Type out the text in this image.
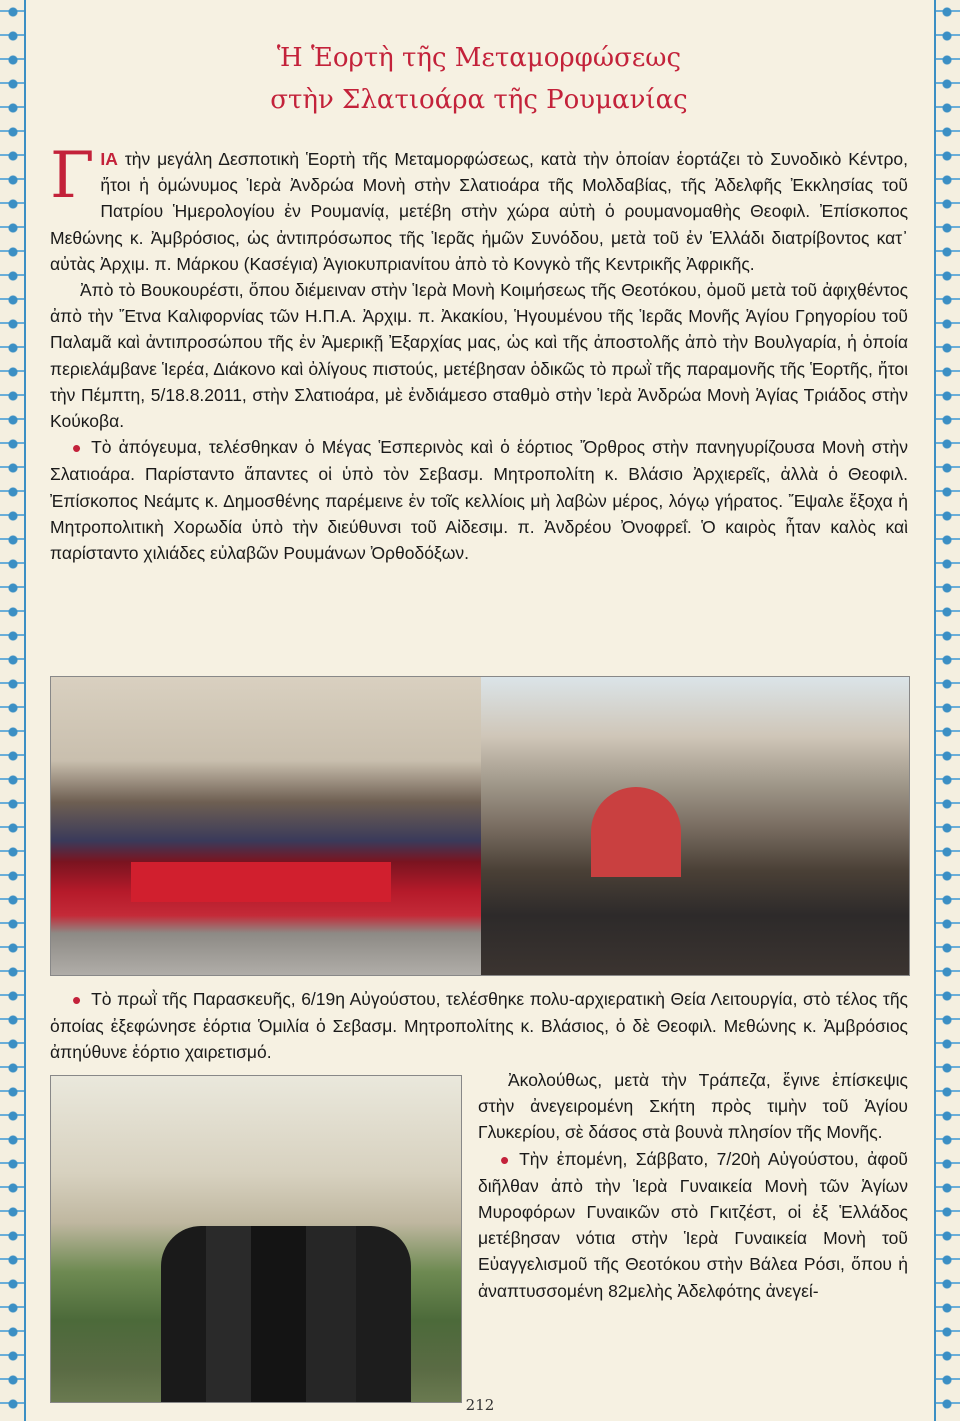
Ἡ Ἑορτὴ τῆς Μεταμορφώσεως
στὴν Σλατιοάρα τῆς Ρουμανίας

ΓΙΑ τὴν μεγάλη Δεσποτικὴ Ἑορτὴ τῆς Μεταμορφώσεως, κατὰ τὴν ὁποίαν ἑορτάζει τὸ Συνοδικὸ Κέντρο, ἤτοι ἡ ὁμώνυμος Ἱερὰ Ἀνδρώα Μονὴ στὴν Σλατιοάρα τῆς Μολδαβίας, τῆς Ἀδελφῆς Ἐκκλησίας τοῦ Πατρίου Ἡμερολογίου ἐν Ρουμανίᾳ, μετέβη στὴν χώρα αὐτὴ ὁ ρουμανομαθὴς Θεοφιλ. Ἐπίσκοπος Μεθώνης κ. Ἀμβρόσιος, ὡς ἀντιπρόσωπος τῆς Ἱερᾶς ἡμῶν Συνόδου, μετὰ τοῦ ἐν Ἑλλάδι διατρίβοντος κατ᾿ αὐτὰς Ἀρχιμ. π. Μάρκου (Κασέγια) Ἁγιοκυπριανίτου ἀπὸ τὸ Κονγκὸ τῆς Κεντρικῆς Ἀφρικῆς.

Ἀπὸ τὸ Βουκουρέστι, ὅπου διέμειναν στὴν Ἱερὰ Μονὴ Κοιμήσεως τῆς Θεοτόκου, ὁμοῦ μετὰ τοῦ ἀφιχθέντος ἀπὸ τὴν Ἔτνα Καλιφορνίας τῶν Η.Π.Α. Ἀρχιμ. π. Ἀκακίου, Ἡγουμένου τῆς Ἱερᾶς Μονῆς Ἁγίου Γρηγορίου τοῦ Παλαμᾶ καὶ ἀντιπροσώπου τῆς ἐν Ἀμερικῇ Ἐξαρχίας μας, ὡς καὶ τῆς ἀποστολῆς ἀπὸ τὴν Βουλγαρία, ἡ ὁποία περιελάμβανε Ἱερέα, Διάκονο καὶ ὀλίγους πιστούς, μετέβησαν ὁδικῶς τὸ πρωῒ τῆς παραμονῆς τῆς Ἑορτῆς, ἤτοι τὴν Πέμπτη, 5/18.8.2011, στὴν Σλατιοάρα, μὲ ἐνδιάμεσο σταθμὸ στὴν Ἱερὰ Ἀνδρώα Μονὴ Ἁγίας Τριάδος στὴν Κούκοβα.

• Τὸ ἀπόγευμα, τελέσθηκαν ὁ Μέγας Ἑσπερινὸς καὶ ὁ ἑόρτιος Ὄρθρος στὴν πανηγυρίζουσα Μονὴ στὴν Σλατιοάρα. Παρίσταντο ἅπαντες οἱ ὑπὸ τὸν Σεβασμ. Μητροπολίτη κ. Βλάσιο Ἀρχιερεῖς, ἀλλὰ ὁ Θεοφιλ. Ἐπίσκοπος Νεάμτς κ. Δημοσθένης παρέμεινε ἐν τοῖς κελλίοις μὴ λαβὼν μέρος, λόγῳ γήρατος. Ἔψαλε ἔξοχα ἡ Μητροπολιτικὴ Χορωδία ὑπὸ τὴν διεύθυνσι τοῦ Αἰδεσιμ. π. Ἀνδρέου Ὀνοφρεΐ. Ὁ καιρὸς ἦταν καλὸς καὶ παρίσταντο χιλιάδες εὐλαβῶν Ρουμάνων Ὀρθοδόξων.

• Τὸ πρωῒ τῆς Παρασκευῆς, 6/19η Αὐγούστου, τελέσθηκε πολυ-αρχιερατικὴ Θεία Λειτουργία, στὸ τέλος τῆς ὁποίας ἐξεφώνησε ἑόρτια Ὁμιλία ὁ Σεβασμ. Μητροπολίτης κ. Βλάσιος, ὁ δὲ Θεοφιλ. Μεθώνης κ. Ἀμβρόσιος ἀπηύθυνε ἑόρτιο χαιρετισμό.

Ἀκολούθως, μετὰ τὴν Τράπεζα, ἔγινε ἐπίσκεψις στὴν ἀνεγειρομένη Σκήτη πρὸς τιμὴν τοῦ Ἁγίου Γλυκερίου, σὲ δάσος στὰ βουνὰ πλησίον τῆς Μονῆς.

• Τὴν ἐπομένη, Σάββατο, 7/20ὴ Αὐγούστου, ἀφοῦ διῆλθαν ἀπὸ τὴν Ἱερὰ Γυναικεία Μονὴ τῶν Ἁγίων Μυροφόρων Γυναικῶν στὸ Γκιτζέστ, οἱ ἐξ Ἑλλάδος μετέβησαν νότια στὴν Ἱερὰ Γυναικεία Μονὴ τοῦ Εὐαγγελισμοῦ τῆς Θεοτόκου στὴν Βάλεα Ρόσι, ὅπου ἡ ἀναπτυσσομένη 82μελὴς Ἀδελφότης ἀνεγεί-

212
